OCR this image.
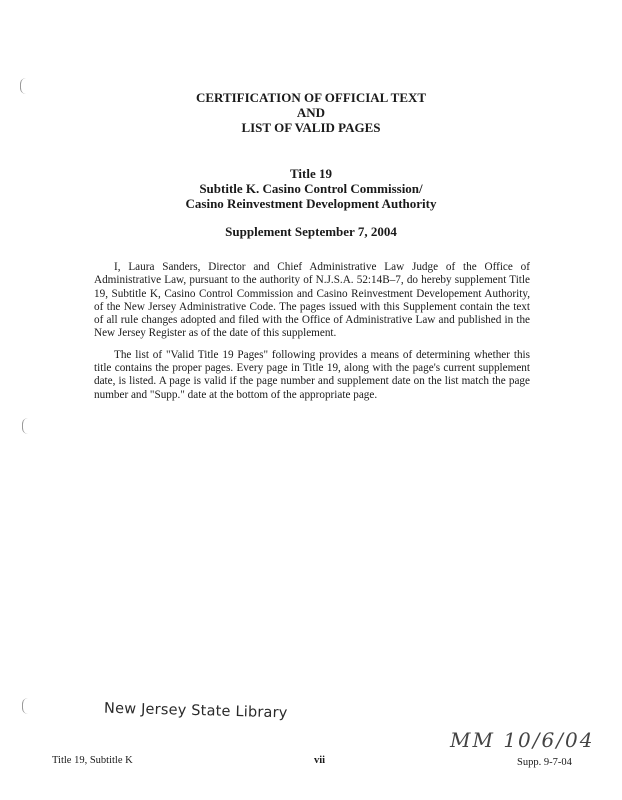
CERTIFICATION OF OFFICIAL TEXT
AND
LIST OF VALID PAGES
Title 19
Subtitle K. Casino Control Commission/
Casino Reinvestment Development Authority
Supplement September 7, 2004

I, Laura Sanders, Director and Chief Administrative Law Judge of the Office of Administrative Law, pursuant to the authority of N.J.S.A. 52:14B–7, do hereby supplement Title 19, Subtitle K, Casino Control Commission and Casino Reinvestment Developement Authority, of the New Jersey Administrative Code. The pages issued with this Supplement contain the text of all rule changes adopted and filed with the Office of Administrative Law and published in the New Jersey Register as of the date of this supplement.

The list of "Valid Title 19 Pages" following provides a means of determining whether this title contains the proper pages. Every page in Title 19, along with the page's current supplement date, is listed. A page is valid if the page number and supplement date on the list match the page number and "Supp." date at the bottom of the appropriate page.

New Jersey State Library
MM 10/6/04
Title 19, Subtitle K	vii	Supp. 9-7-04
